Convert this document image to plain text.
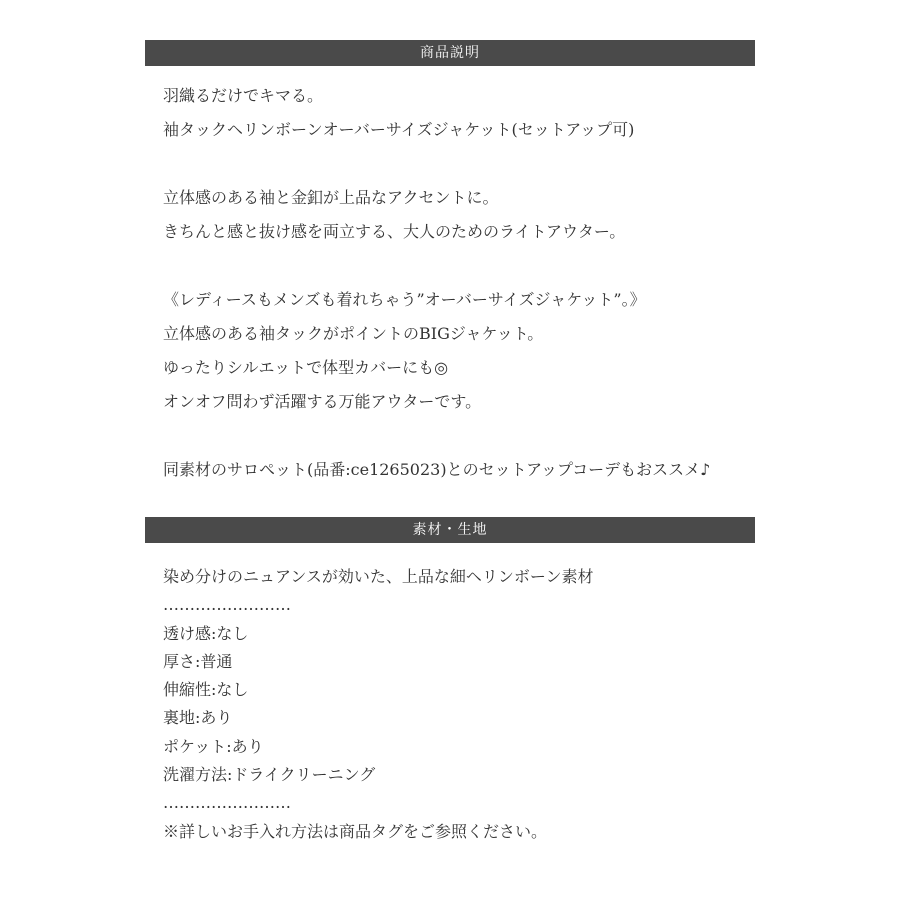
商品説明
羽織るだけでキマる。
袖タックヘリンボーンオーバーサイズジャケット(セットアップ可)
立体感のある袖と金釦が上品なアクセントに。
きちんと感と抜け感を両立する、大人のためのライトアウター。
《レディースもメンズも着れちゃう”オーバーサイズジャケット”。》
立体感のある袖タックがポイントのBIGジャケット。
ゆったりシルエットで体型カバーにも◎
オンオフ問わず活躍する万能アウターです。
同素材のサロペット(品番:ce1265023)とのセットアップコーデもおススメ♪
素材・生地
染め分けのニュアンスが効いた、上品な細ヘリンボーン素材
……………………
透け感:なし
厚さ:普通
伸縮性:なし
裏地:あり
ポケット:あり
洗濯方法:ドライクリーニング
……………………
※詳しいお手入れ方法は商品タグをご参照ください。
